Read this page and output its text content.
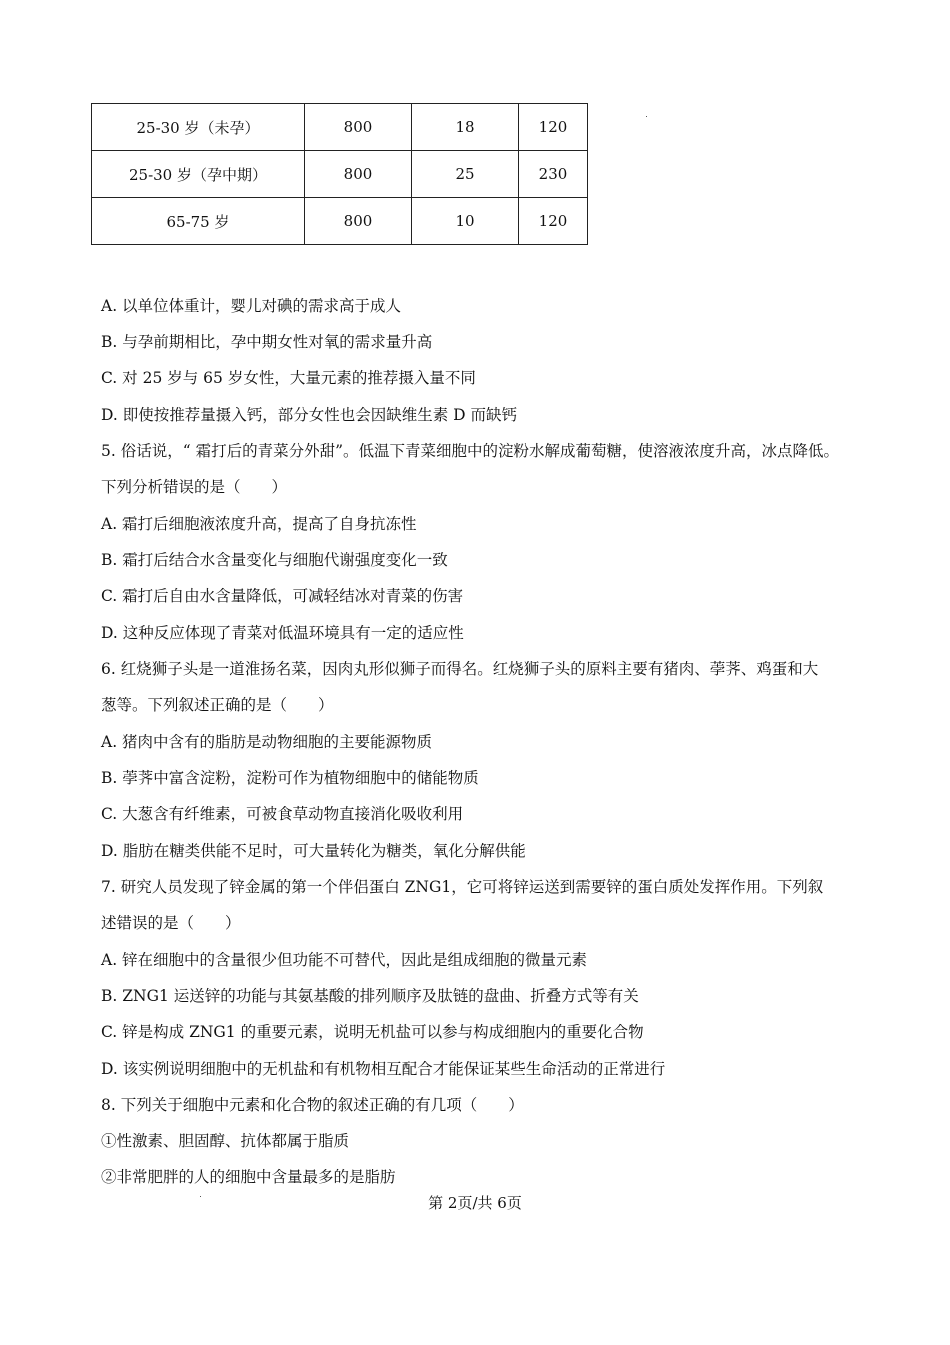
25-30 岁（未孕）	800	18	120
25-30 岁（孕中期）	800	25	230
65-75 岁	800	10	120
A. 以单位体重计，婴儿对碘的需求高于成人
B. 与孕前期相比，孕中期女性对氧的需求量升高
C. 对 25 岁与 65 岁女性，大量元素的推荐摄入量不同
D. 即使按推荐量摄入钙，部分女性也会因缺维生素 D 而缺钙
5. 俗话说，“ 霜打后的青菜分外甜”。低温下青菜细胞中的淀粉水解成葡萄糖，使溶液浓度升高，冰点降低。
下列分析错误的是（　　）
A. 霜打后细胞液浓度升高，提高了自身抗冻性
B. 霜打后结合水含量变化与细胞代谢强度变化一致
C. 霜打后自由水含量降低，可减轻结冰对青菜的伤害
D. 这种反应体现了青菜对低温环境具有一定的适应性
6. 红烧狮子头是一道淮扬名菜，因肉丸形似狮子而得名。红烧狮子头的原料主要有猪肉、荸荠、鸡蛋和大
葱等。下列叙述正确的是（　　）
A. 猪肉中含有的脂肪是动物细胞的主要能源物质
B. 荸荠中富含淀粉，淀粉可作为植物细胞中的储能物质
C. 大葱含有纤维素，可被食草动物直接消化吸收利用
D. 脂肪在糖类供能不足时，可大量转化为糖类，氧化分解供能
7. 研究人员发现了锌金属的第一个伴侣蛋白 ZNG1，它可将锌运送到需要锌的蛋白质处发挥作用。下列叙
述错误的是（　　）
A. 锌在细胞中的含量很少但功能不可替代，因此是组成细胞的微量元素
B. ZNG1 运送锌的功能与其氨基酸的排列顺序及肽链的盘曲、折叠方式等有关
C. 锌是构成 ZNG1 的重要元素，说明无机盐可以参与构成细胞内的重要化合物
D. 该实例说明细胞中的无机盐和有机物相互配合才能保证某些生命活动的正常进行
8. 下列关于细胞中元素和化合物的叙述正确的有几项（　　）
①性激素、胆固醇、抗体都属于脂质
②非常肥胖的人的细胞中含量最多的是脂肪
第 2页/共 6页
